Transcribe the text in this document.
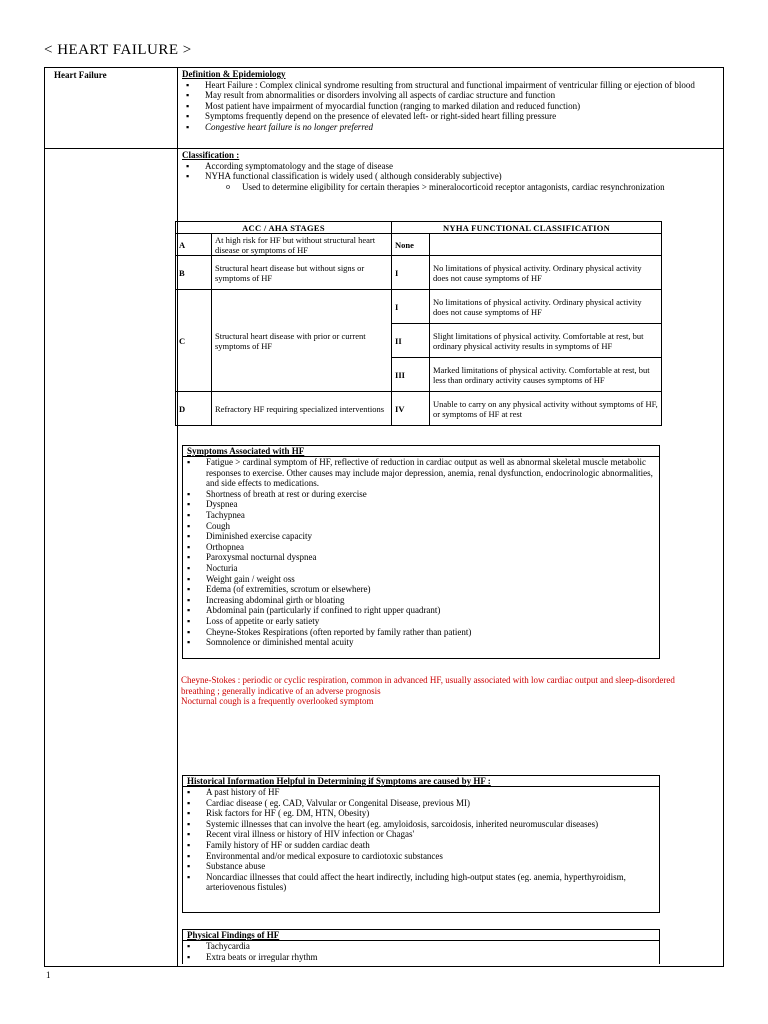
< HEART FAILURE >
Heart Failure	Definition & Epidemiology
▪ Heart Failure : Complex clinical syndrome resulting from structural and functional impairment of ventricular filling or ejection of blood
▪ May result from abnormalities or disorders involving all aspects of cardiac structure and function
▪ Most patient have impairment of myocardial function (ranging to marked dilation and reduced function)
▪ Symptoms frequently depend on the presence of elevated left- or right-sided heart filling pressure
▪ Congestive heart failure is no longer preferred
Classification :
▪ According symptomatology and the stage of disease
▪ NYHA functional classification is widely used ( although considerably subjective)
o Used to determine eligibility for certain therapies > mineralocorticoid receptor antagonists, cardiac resynchronization
ACC / AHA STAGES		NYHA FUNCTIONAL CLASSIFICATION	
A	At high risk for HF but without structural heart disease or symptoms of HF	None	
B	Structural heart disease but without signs or symptoms of HF	I	No limitations of physical activity. Ordinary physical activity does not cause symptoms of HF
C	Structural heart disease with prior or current symptoms of HF	I	No limitations of physical activity. Ordinary physical activity does not cause symptoms of HF
		II	Slight limitations of physical activity. Comfortable at rest, but ordinary physical activity results in symptoms of HF
		III	Marked limitations of physical activity. Comfortable at rest, but less than ordinary activity causes symptoms of HF
D	Refractory HF requiring specialized interventions	IV	Unable to carry on any physical activity without symptoms of HF, or symptoms of HF at rest
Symptoms Associated with HF
▪ Fatigue > cardinal symptom of HF, reflective of reduction in cardiac output as well as abnormal skeletal muscle metabolic responses to exercise. Other causes may include major depression, anemia, renal dysfunction, endocrinologic abnormalities, and side effects to medications.
▪ Shortness of breath at rest or during exercise
▪ Dyspnea
▪ Tachypnea
▪ Cough
▪ Diminished exercise capacity
▪ Orthopnea
▪ Paroxysmal nocturnal dyspnea
▪ Nocturia
▪ Weight gain / weight oss
▪ Edema (of extremities, scrotum or elsewhere)
▪ Increasing abdominal girth or bloating
▪ Abdominal pain (particularly if confined to right upper quadrant)
▪ Loss of appetite or early satiety
▪ Cheyne-Stokes Respirations (often reported by family rather than patient)
▪ Somnolence or diminished mental acuity
Cheyne-Stokes : periodic or cyclic respiration, common in advanced HF, usually associated with low cardiac output and sleep-disordered breathing ; generally indicative of an adverse prognosis
Nocturnal cough is a frequently overlooked symptom
Historical Information Helpful in Determining if Symptoms are caused by HF :
▪ A past history of HF
▪ Cardiac disease ( eg. CAD, Valvular or Congenital Disease, previous MI)
▪ Risk factors for HF ( eg. DM, HTN, Obesity)
▪ Systemic illnesses that can involve the heart (eg. amyloidosis, sarcoidosis, inherited neuromuscular diseases)
▪ Recent viral illness or history of HIV infection or Chagas'
▪ Family history of HF or sudden cardiac death
▪ Environmental and/or medical exposure to cardiotoxic substances
▪ Substance abuse
▪ Noncardiac illnesses that could affect the heart indirectly, including high-output states (eg. anemia, hyperthyroidism, arteriovenous fistules)
Physical Findings of HF
▪ Tachycardia
▪ Extra beats or irregular rhythm
1
